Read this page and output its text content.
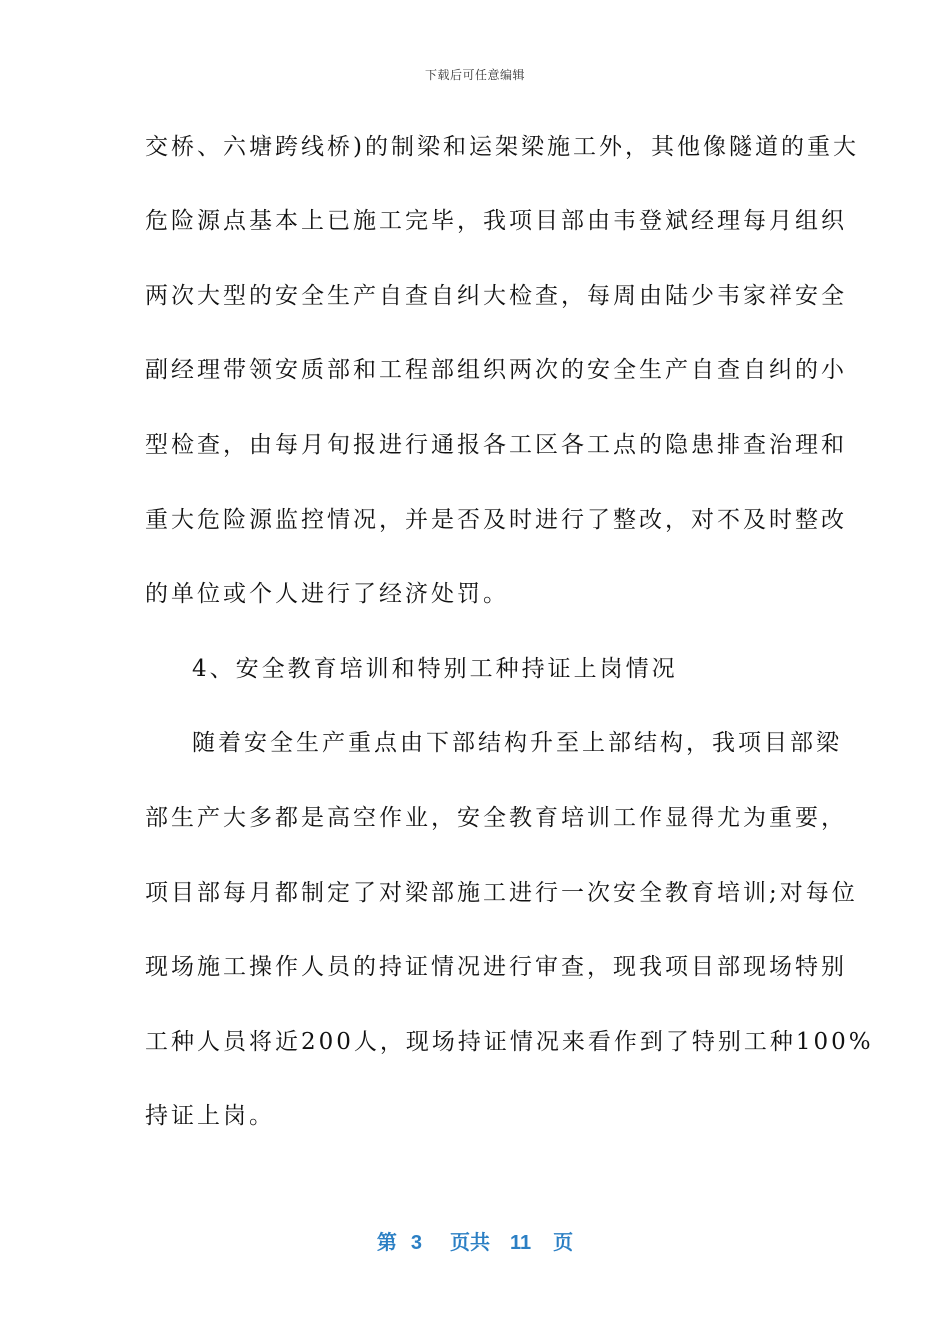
下载后可任意编辑
交桥、六塘跨线桥)的制梁和运架梁施工外，其他像隧道的重大
危险源点基本上已施工完毕，我项目部由韦登斌经理每月组织
两次大型的安全生产自查自纠大检查，每周由陆少韦家祥安全
副经理带领安质部和工程部组织两次的安全生产自查自纠的小
型检查，由每月旬报进行通报各工区各工点的隐患排查治理和
重大危险源监控情况，并是否及时进行了整改，对不及时整改
的单位或个人进行了经济处罚。
4、安全教育培训和特别工种持证上岗情况
随着安全生产重点由下部结构升至上部结构，我项目部梁
部生产大多都是高空作业，安全教育培训工作显得尤为重要，
项目部每月都制定了对梁部施工进行一次安全教育培训;对每位
现场施工操作人员的持证情况进行审查，现我项目部现场特别
工种人员将近200人，现场持证情况来看作到了特别工种100%
持证上岗。
第 3 页共 11 页
